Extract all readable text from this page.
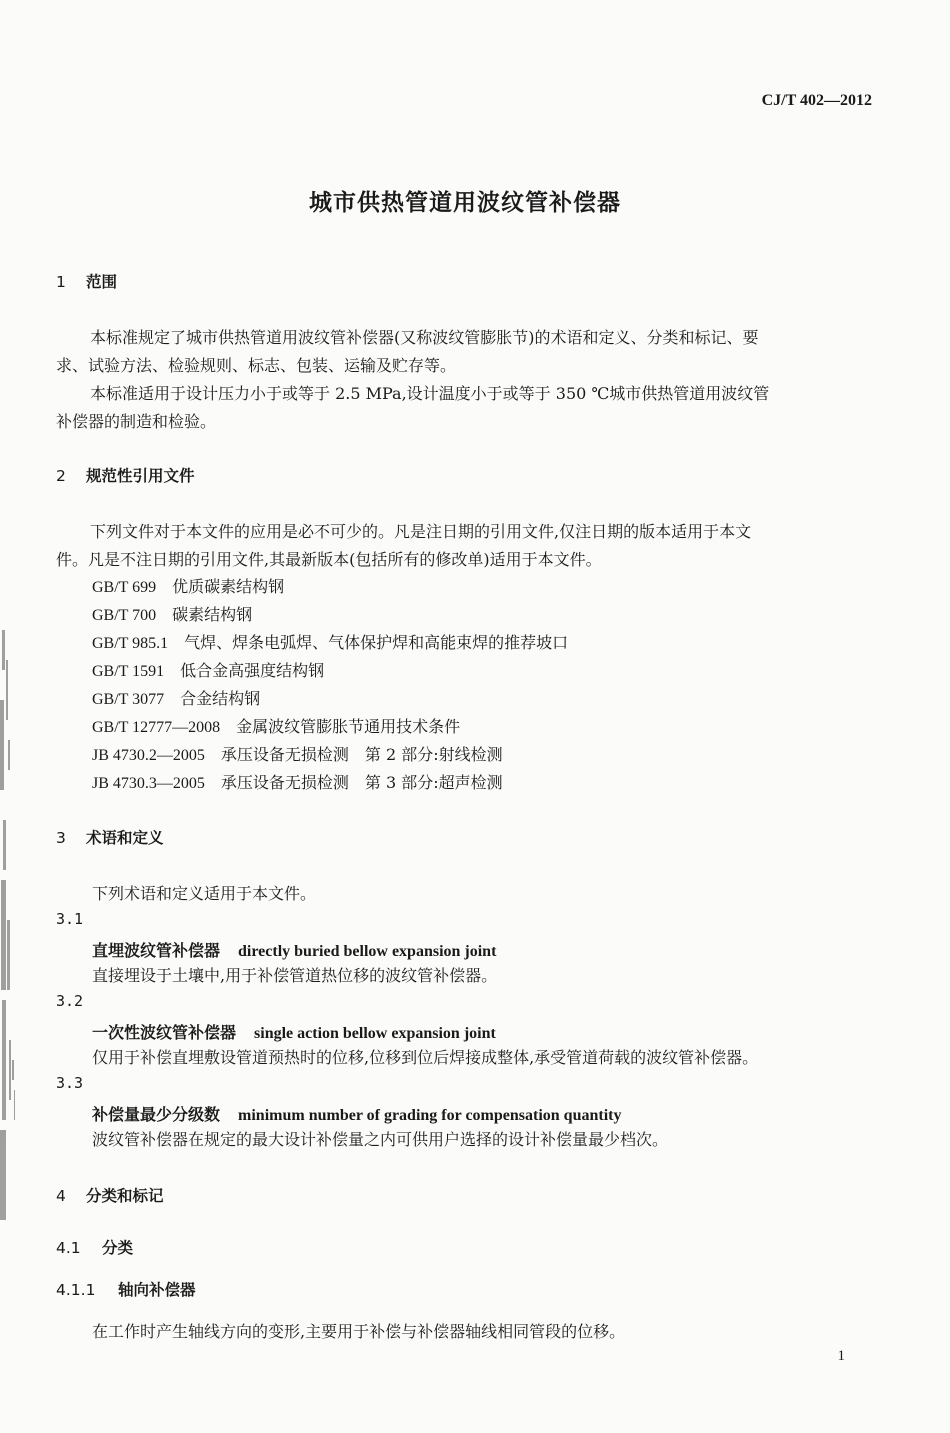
CJ/T 402—2012
城市供热管道用波纹管补偿器
1 范围
本标准规定了城市供热管道用波纹管补偿器(又称波纹管膨胀节)的术语和定义、分类和标记、要
求、试验方法、检验规则、标志、包装、运输及贮存等。
本标准适用于设计压力小于或等于 2.5 MPa,设计温度小于或等于 350 ℃城市供热管道用波纹管
补偿器的制造和检验。
2 规范性引用文件
下列文件对于本文件的应用是必不可少的。凡是注日期的引用文件,仅注日期的版本适用于本文
件。凡是不注日期的引用文件,其最新版本(包括所有的修改单)适用于本文件。
GB/T 699　 优质碳素结构钢
GB/T 700　 碳素结构钢
GB/T 985.1　 气焊、焊条电弧焊、气体保护焊和高能束焊的推荐坡口
GB/T 1591　 低合金高强度结构钢
GB/T 3077　 合金结构钢
GB/T 12777—2008　 金属波纹管膨胀节通用技术条件
JB 4730.2—2005　 承压设备无损检测　第 2 部分:射线检测
JB 4730.3—2005　 承压设备无损检测　第 3 部分:超声检测
3 术语和定义
下列术语和定义适用于本文件。
3.1
直埋波纹管补偿器 directly buried bellow expansion joint
直接埋设于土壤中,用于补偿管道热位移的波纹管补偿器。
3.2
一次性波纹管补偿器 single action bellow expansion joint
仅用于补偿直埋敷设管道预热时的位移,位移到位后焊接成整体,承受管道荷载的波纹管补偿器。
3.3
补偿量最少分级数 minimum number of grading for compensation quantity
波纹管补偿器在规定的最大设计补偿量之内可供用户选择的设计补偿量最少档次。
4 分类和标记
4.1 分类
4.1.1 轴向补偿器
在工作时产生轴线方向的变形,主要用于补偿与补偿器轴线相同管段的位移。
1
